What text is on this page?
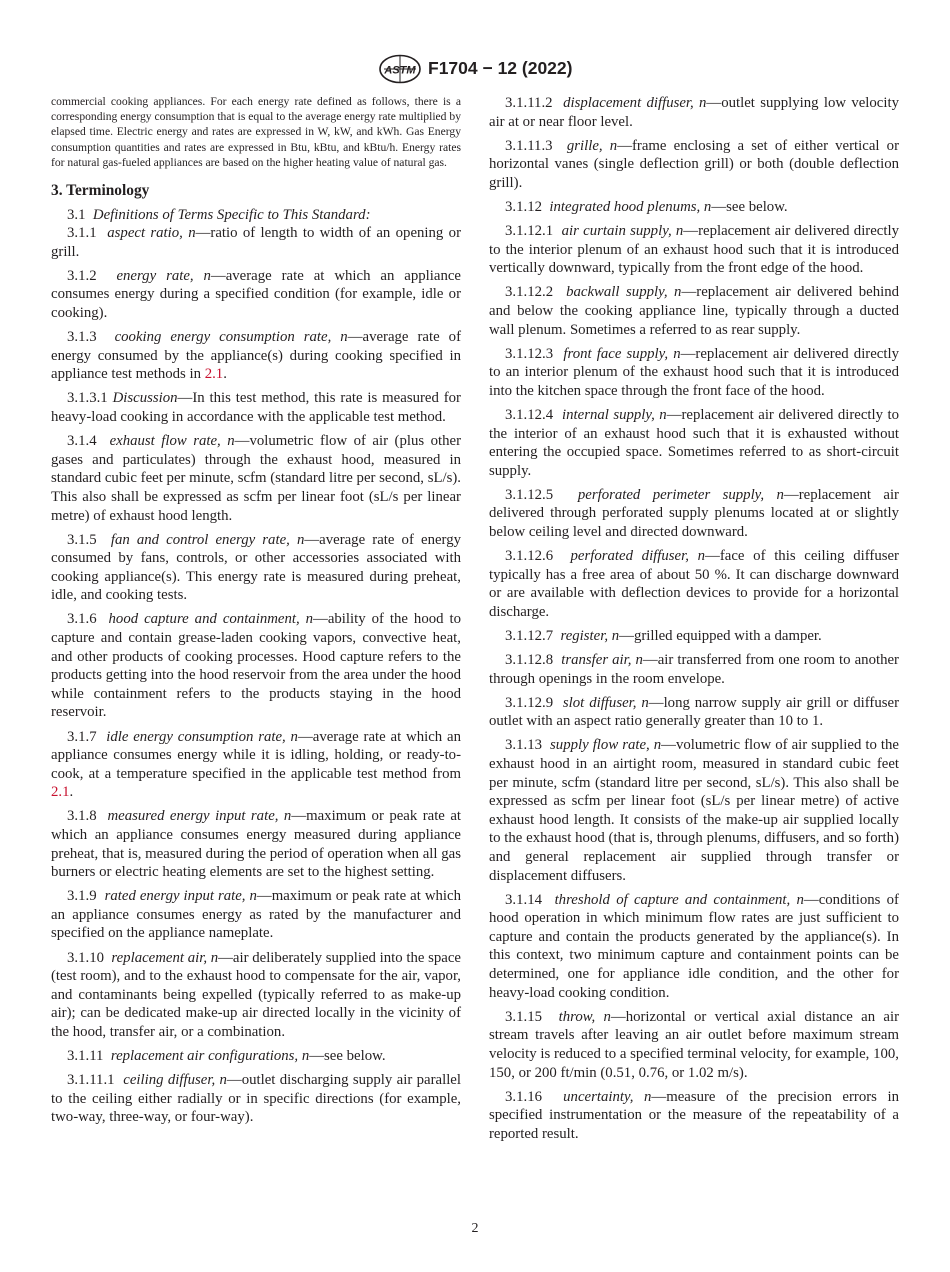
ASTM F1704 − 12 (2022)

commercial cooking appliances. For each energy rate defined as follows, there is a corresponding energy consumption that is equal to the average energy rate multiplied by elapsed time. Electric energy and rates are expressed in W, kW, and kWh. Gas Energy consumption quantities and rates are expressed in Btu, kBtu, and kBtu/h. Energy rates for natural gas-fueled appliances are based on the higher heating value of natural gas.

3. Terminology

3.1 Definitions of Terms Specific to This Standard:

3.1.1 aspect ratio, n—ratio of length to width of an opening or grill.

3.1.2 energy rate, n—average rate at which an appliance consumes energy during a specified condition (for example, idle or cooking).

3.1.3 cooking energy consumption rate, n—average rate of energy consumed by the appliance(s) during cooking specified in appliance test methods in 2.1.

3.1.3.1 Discussion—In this test method, this rate is measured for heavy-load cooking in accordance with the applicable test method.

3.1.4 exhaust flow rate, n—volumetric flow of air (plus other gases and particulates) through the exhaust hood, measured in standard cubic feet per minute, scfm (standard litre per second, sL/s). This also shall be expressed as scfm per linear foot (sL/s per linear metre) of exhaust hood length.

3.1.5 fan and control energy rate, n—average rate of energy consumed by fans, controls, or other accessories associated with cooking appliance(s). This energy rate is measured during preheat, idle, and cooking tests.

3.1.6 hood capture and containment, n—ability of the hood to capture and contain grease-laden cooking vapors, convective heat, and other products of cooking processes. Hood capture refers to the products getting into the hood reservoir from the area under the hood while containment refers to the products staying in the hood reservoir.

3.1.7 idle energy consumption rate, n—average rate at which an appliance consumes energy while it is idling, holding, or ready-to-cook, at a temperature specified in the applicable test method from 2.1.

3.1.8 measured energy input rate, n—maximum or peak rate at which an appliance consumes energy measured during appliance preheat, that is, measured during the period of operation when all gas burners or electric heating elements are set to the highest setting.

3.1.9 rated energy input rate, n—maximum or peak rate at which an appliance consumes energy as rated by the manufacturer and specified on the appliance nameplate.

3.1.10 replacement air, n—air deliberately supplied into the space (test room), and to the exhaust hood to compensate for the air, vapor, and contaminants being expelled (typically referred to as make-up air); can be dedicated make-up air directed locally in the vicinity of the hood, transfer air, or a combination.

3.1.11 replacement air configurations, n—see below.

3.1.11.1 ceiling diffuser, n—outlet discharging supply air parallel to the ceiling either radially or in specific directions (for example, two-way, three-way, or four-way).

3.1.11.2 displacement diffuser, n—outlet supplying low velocity air at or near floor level.

3.1.11.3 grille, n—frame enclosing a set of either vertical or horizontal vanes (single deflection grill) or both (double deflection grill).

3.1.12 integrated hood plenums, n—see below.

3.1.12.1 air curtain supply, n—replacement air delivered directly to the interior plenum of an exhaust hood such that it is introduced vertically downward, typically from the front edge of the hood.

3.1.12.2 backwall supply, n—replacement air delivered behind and below the cooking appliance line, typically through a ducted wall plenum. Sometimes a referred to as rear supply.

3.1.12.3 front face supply, n—replacement air delivered directly to an interior plenum of the exhaust hood such that it is introduced into the kitchen space through the front face of the hood.

3.1.12.4 internal supply, n—replacement air delivered directly to the interior of an exhaust hood such that it is exhausted without entering the occupied space. Sometimes referred to as short-circuit supply.

3.1.12.5 perforated perimeter supply, n—replacement air delivered through perforated supply plenums located at or slightly below ceiling level and directed downward.

3.1.12.6 perforated diffuser, n—face of this ceiling diffuser typically has a free area of about 50 %. It can discharge downward or are available with deflection devices to provide for a horizontal discharge.

3.1.12.7 register, n—grilled equipped with a damper.

3.1.12.8 transfer air, n—air transferred from one room to another through openings in the room envelope.

3.1.12.9 slot diffuser, n—long narrow supply air grill or diffuser outlet with an aspect ratio generally greater than 10 to 1.

3.1.13 supply flow rate, n—volumetric flow of air supplied to the exhaust hood in an airtight room, measured in standard cubic feet per minute, scfm (standard litre per second, sL/s). This also shall be expressed as scfm per linear foot (sL/s per linear metre) of active exhaust hood length. It consists of the make-up air supplied locally to the exhaust hood (that is, through plenums, diffusers, and so forth) and general replacement air supplied through transfer or displacement diffusers.

3.1.14 threshold of capture and containment, n—conditions of hood operation in which minimum flow rates are just sufficient to capture and contain the products generated by the appliance(s). In this context, two minimum capture and containment points can be determined, one for appliance idle condition, and the other for heavy-load cooking condition.

3.1.15 throw, n—horizontal or vertical axial distance an air stream travels after leaving an air outlet before maximum stream velocity is reduced to a specified terminal velocity, for example, 100, 150, or 200 ft/min (0.51, 0.76, or 1.02 m/s).

3.1.16 uncertainty, n—measure of the precision errors in specified instrumentation or the measure of the repeatability of a reported result.

2
